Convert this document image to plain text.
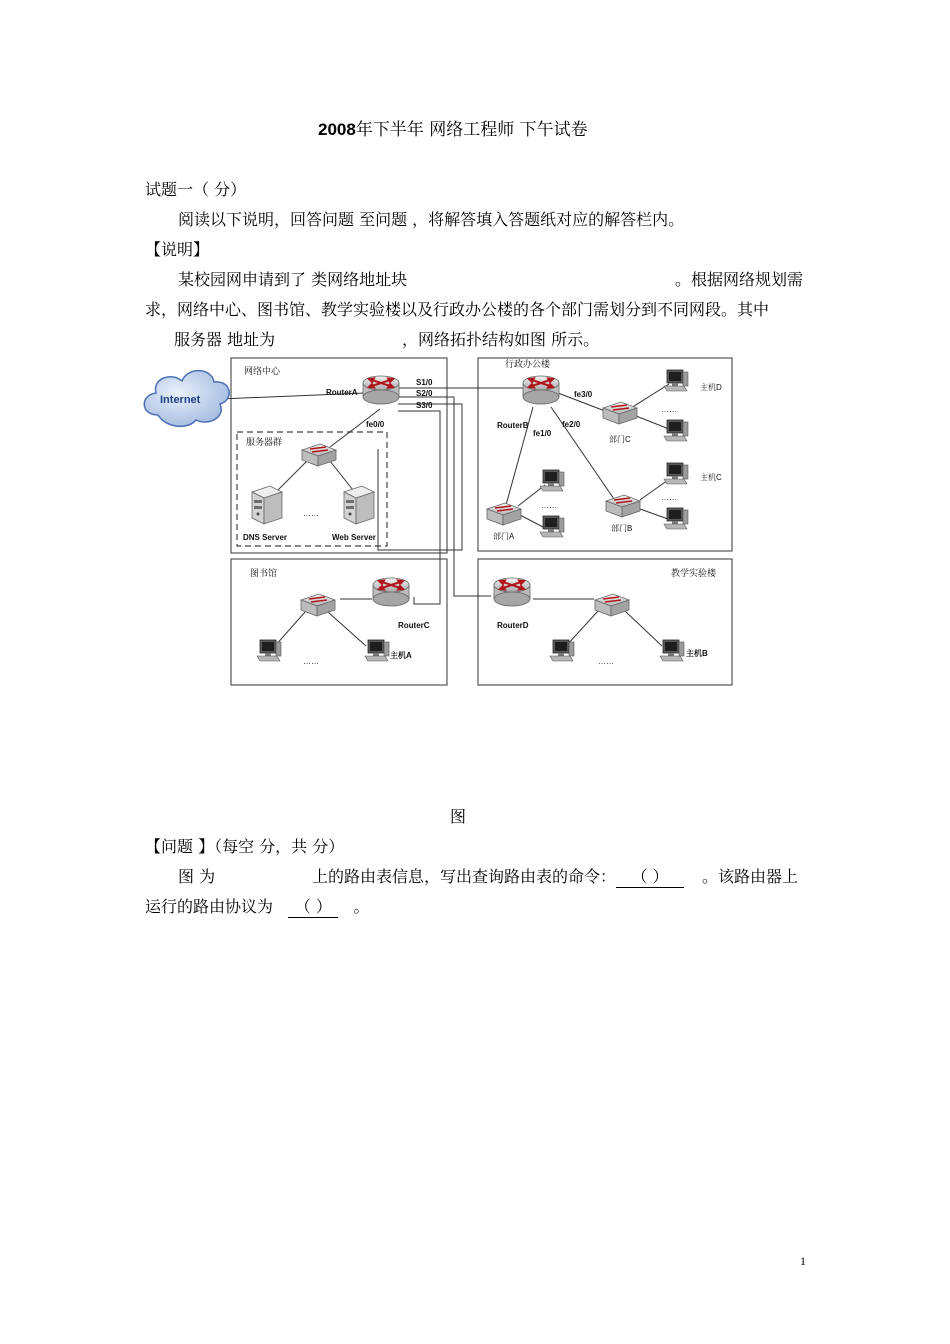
2008年下半年 网络工程师 下午试卷
试题一（ 分）
阅读以下说明，回答问题 至问题 ，将解答填入答题纸对应的解答栏内。
【说明】
某校园网申请到了 类网络地址块	。根据网络规划需
求，网络中心、图书馆、教学实验楼以及行政办公楼的各个部门需划分到不同网段。其中
服务器 地址为	，网络拓扑结构如图 所示。
图
【问题 】（每空 分，共 分）
图 为	上的路由表信息，写出查询路由表的命令： （ ）	。该路由器上
运行的路由协议为 （ ） 。
1
Internet
网络中心
RouterA
S1/0
S2/0
S3/0
fe0/0
服务器群
DNS Server	Web Server
……
行政办公楼
RouterB
fe3/0
fe1/0
fe2/0
部门C
主机D
……
主机C
……
部门B
部门A
……
图书馆
RouterC
主机A
……
教学实验楼
RouterD
主机B
……
